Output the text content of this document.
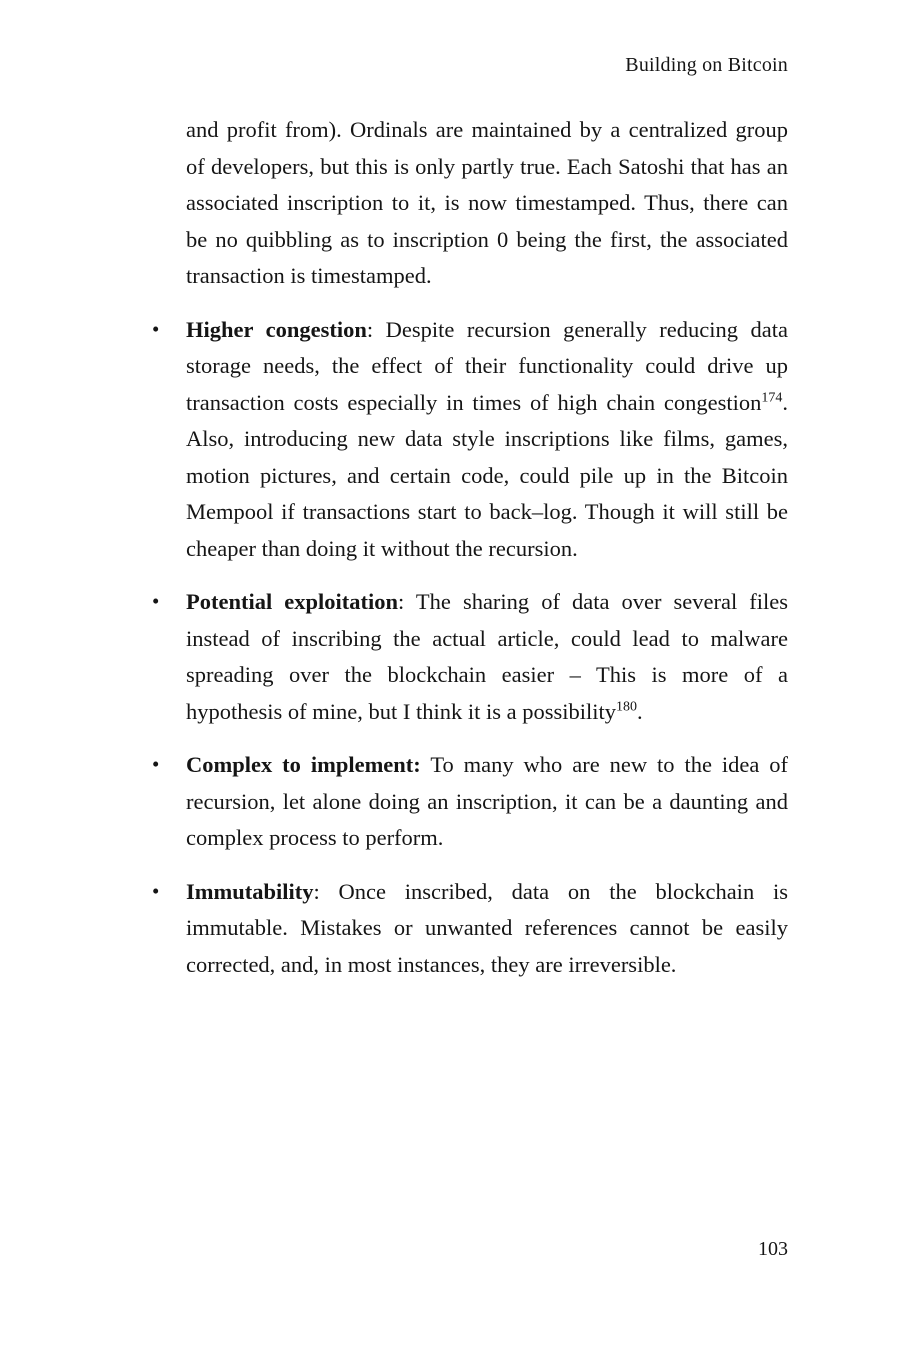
Building on Bitcoin

and profit from). Ordinals are maintained by a centralized group of developers, but this is only partly true. Each Satoshi that has an associated inscription to it, is now timestamped. Thus, there can be no quibbling as to inscription 0 being the first, the associated transaction is timestamped.

•	Higher congestion: Despite recursion generally reducing data storage needs, the effect of their functionality could drive up transaction costs especially in times of high chain congestion$^{174}$. Also, introducing new data style inscriptions like films, games, motion pictures, and certain code, could pile up in the Bitcoin Mempool if transactions start to back–log. Though it will still be cheaper than doing it without the recursion.
•	Potential exploitation: The sharing of data over several files instead of inscribing the actual article, could lead to malware spreading over the blockchain easier – This is more of a hypothesis of mine, but I think it is a possibility$^{180}$.
•	Complex to implement: To many who are new to the idea of recursion, let alone doing an inscription, it can be a daunting and complex process to perform.
•	Immutability: Once inscribed, data on the blockchain is immutable. Mistakes or unwanted references cannot be easily corrected, and, in most instances, they are irreversible.
103
